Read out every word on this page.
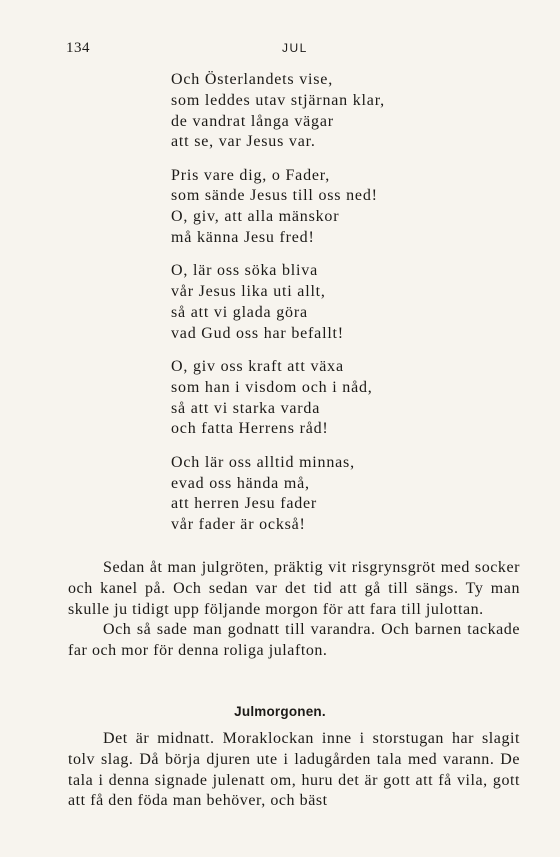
134	JUL
Och Österlandets vise,
som leddes utav stjärnan klar,
de vandrat långa vägar
att se, var Jesus var.
Pris vare dig, o Fader,
som sände Jesus till oss ned!
O, giv, att alla mänskor
må känna Jesu fred!
O, lär oss söka bliva
vår Jesus lika uti allt,
så att vi glada göra
vad Gud oss har befallt!
O, giv oss kraft att växa
som han i visdom och i nåd,
så att vi starka varda
och fatta Herrens råd!
Och lär oss alltid minnas,
evad oss hända må,
att herren Jesu fader
vår fader är också!

Sedan åt man julgröten, präktig vit risgrynsgröt med socker och kanel på. Och sedan var det tid att gå till sängs. Ty man skulle ju tidigt upp följande morgon för att fara till julottan.

Och så sade man godnatt till varandra. Och barnen tackade far och mor för denna roliga julafton.

Julmorgonen.

Det är midnatt. Moraklockan inne i storstugan har slagit tolv slag. Då börja djuren ute i ladugården tala med varann. De tala i denna signade julenatt om, huru det är gott att få vila, gott att få den föda man behöver, och bäst
